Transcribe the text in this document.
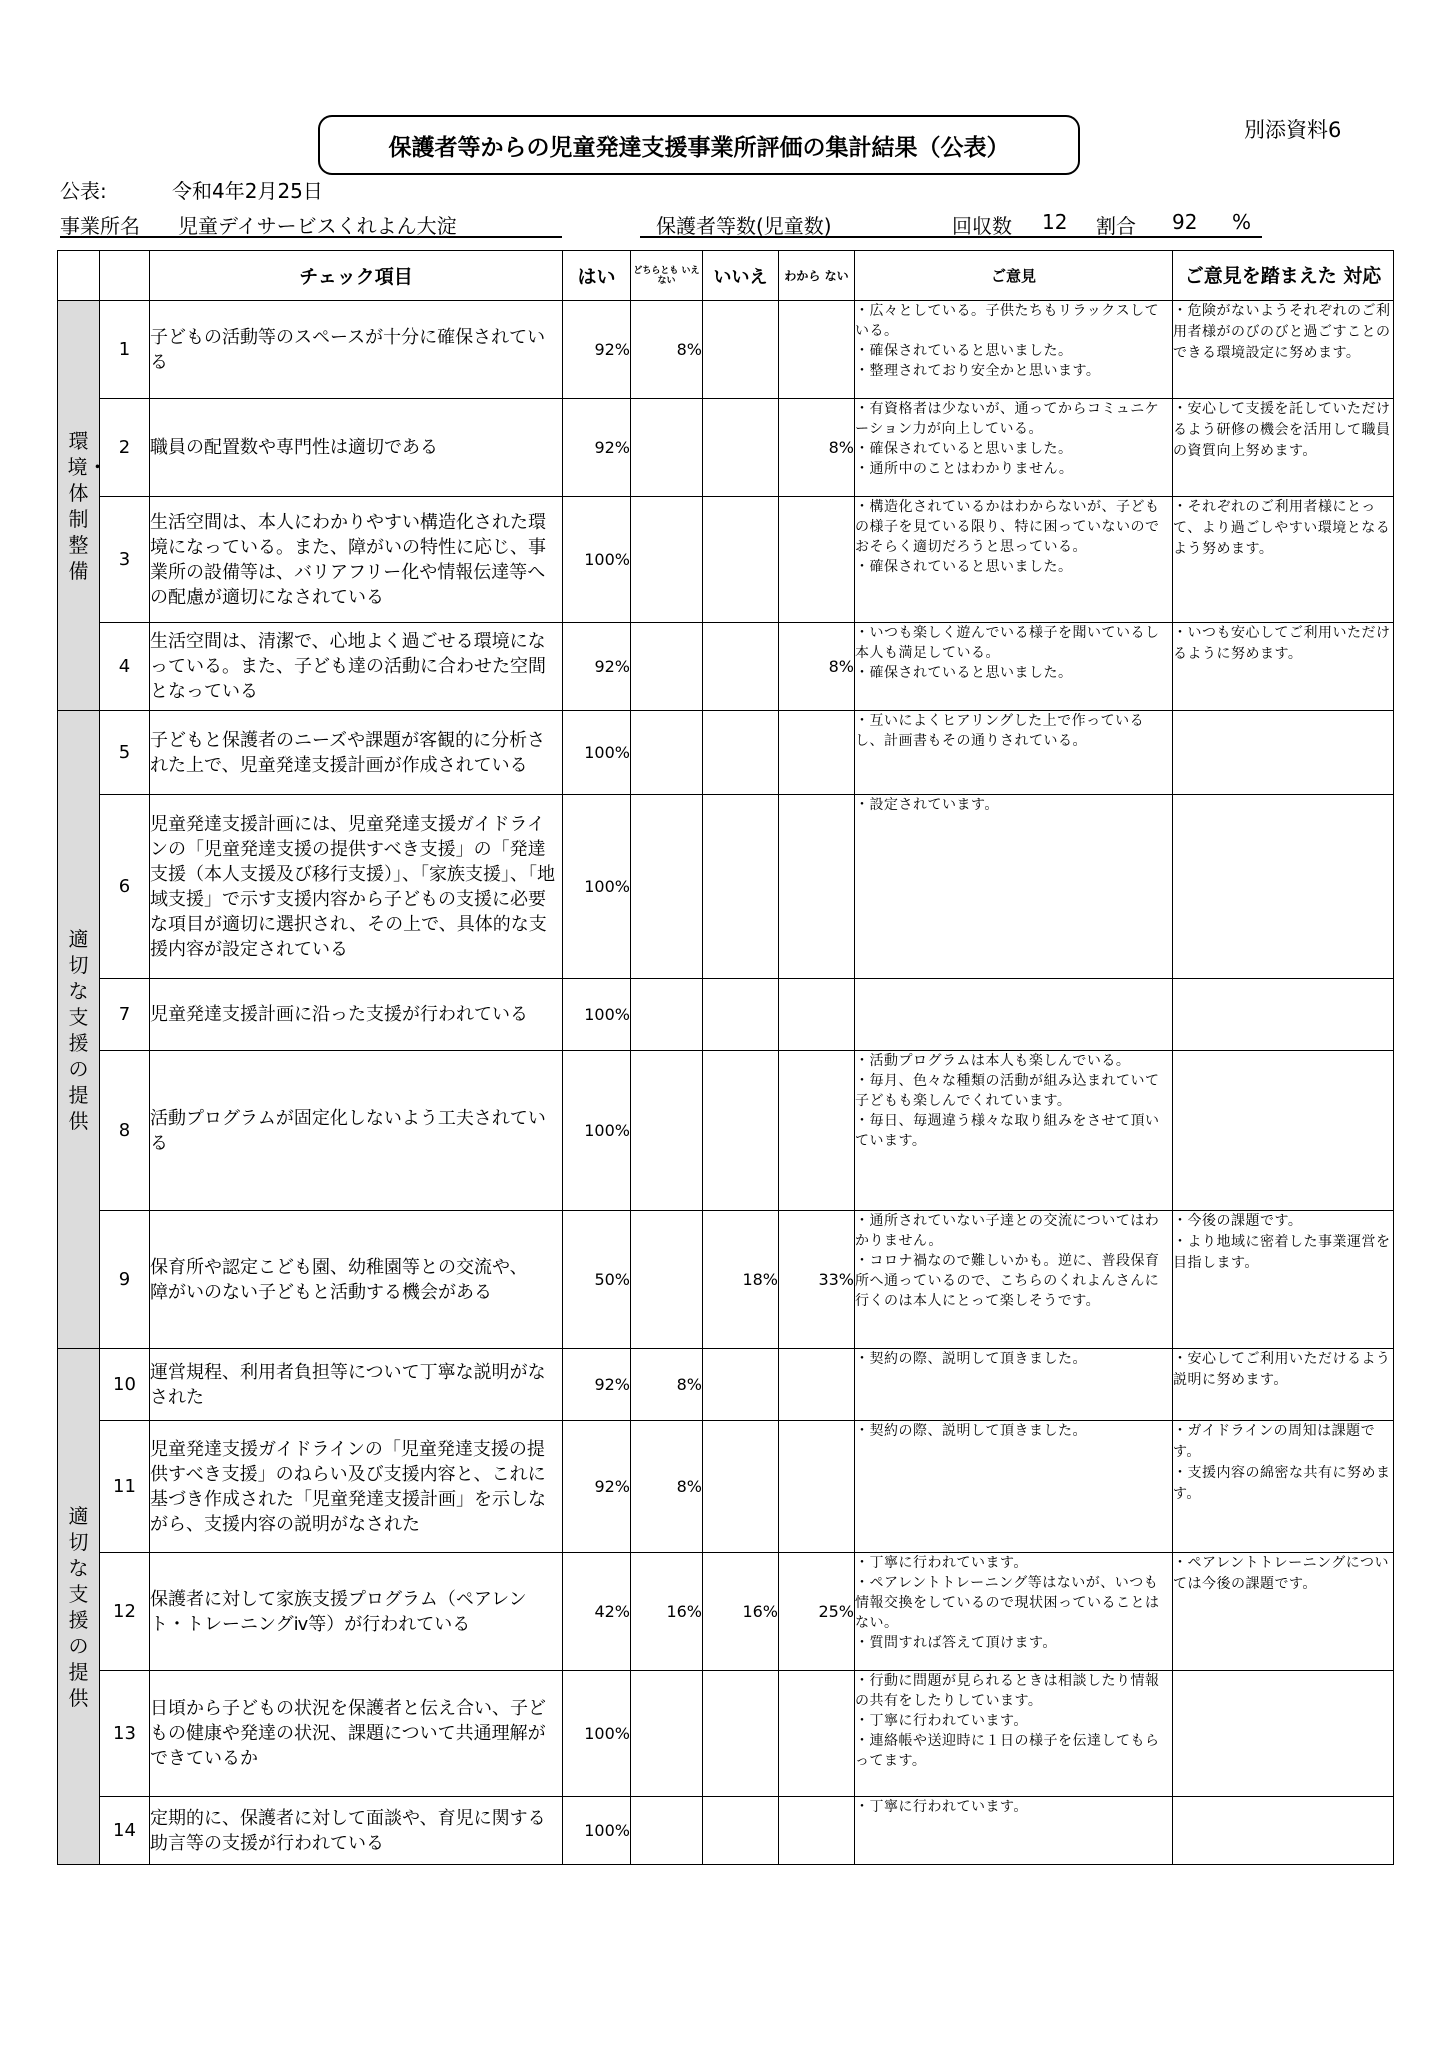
別添資料6
保護者等からの児童発達支援事業所評価の集計結果（公表）
公表:	令和4年2月25日
事業所名 児童デイサービスくれよん大淀	保護者等数(児童数)	回収数 12 割合 92 %
		チェック項目	はい	どちらとも いえない	いいえ	わから ない	ご意見	ご意見を踏まえた 対応

環境・体制整備	1	子どもの活動等のスペースが十分に確保されている	92%	8%			・広々としている。子供たちもリラックスしている。
・確保されていると思いました。
・整理されており安全かと思います。	・危険がないようそれぞれのご利用者様がのびのびと過ごすことのできる環境設定に努めます。
	2	職員の配置数や専門性は適切である	92%			8%	・有資格者は少ないが、通ってからコミュニケーション力が向上している。
・確保されていると思いました。
・通所中のことはわかりません。	・安心して支援を託していただけるよう研修の機会を活用して職員の資質向上努めます。
	3	生活空間は、本人にわかりやすい構造化された環境になっている。また、障がいの特性に応じ、事業所の設備等は、バリアフリー化や情報伝達等への配慮が適切になされている	100%				・構造化されているかはわからないが、子どもの様子を見ている限り、特に困っていないのでおそらく適切だろうと思っている。
・確保されていると思いました。	・それぞれのご利用者様にとって、より過ごしやすい環境となるよう努めます。
	4	生活空間は、清潔で、心地よく過ごせる環境になっている。また、子ども達の活動に合わせた空間となっている	92%			8%	・いつも楽しく遊んでいる様子を聞いているし本人も満足している。
・確保されていると思いました。	・いつも安心してご利用いただけるように努めます。

適切な支援の提供	5	子どもと保護者のニーズや課題が客観的に分析された上で、児童発達支援計画が作成されている	100%				・互いによくヒアリングした上で作っているし、計画書もその通りされている。	
	6	児童発達支援計画には、児童発達支援ガイドラインの「児童発達支援の提供すべき支援」の「発達支援（本人支援及び移行支援）」、「家族支援」、「地域支援」で示す支援内容から子どもの支援に必要な項目が適切に選択され、その上で、具体的な支援内容が設定されている	100%				・設定されています。	
	7	児童発達支援計画に沿った支援が行われている	100%					
	8	活動プログラムが固定化しないよう工夫されている	100%				・活動プログラムは本人も楽しんでいる。
・毎月、色々な種類の活動が組み込まれていて子どもも楽しんでくれています。
・毎日、毎週違う様々な取り組みをさせて頂いています。	
	9	保育所や認定こども園、幼稚園等との交流や、
障がいのない子どもと活動する機会がある	50%		18%	33%	・通所されていない子達との交流についてはわかりません。
・コロナ禍なので難しいかも。逆に、普段保育所へ通っているので、こちらのくれよんさんに行くのは本人にとって楽しそうです。	・今後の課題です。
・より地域に密着した事業運営を目指します。

適切な支援の提供	10	運営規程、利用者負担等について丁寧な説明がなされた	92%	8%			・契約の際、説明して頂きました。	・安心してご利用いただけるよう説明に努めます。
	11	児童発達支援ガイドラインの「児童発達支援の提供すべき支援」のねらい及び支援内容と、これに基づき作成された「児童発達支援計画」を示しながら、支援内容の説明がなされた	92%	8%			・契約の際、説明して頂きました。	・ガイドラインの周知は課題です。
・支援内容の綿密な共有に努めます。
	12	保護者に対して家族支援プログラム（ペアレント・トレーニングⅳ等）が行われている	42%	16%	16%	25%	・丁寧に行われています。
・ペアレントトレーニング等はないが、いつも情報交換をしているので現状困っていることはない。
・質問すれば答えて頂けます。	・ペアレントトレーニングについては今後の課題です。
	13	日頃から子どもの状況を保護者と伝え合い、子どもの健康や発達の状況、課題について共通理解ができているか	100%				・行動に問題が見られるときは相談したり情報の共有をしたりしています。
・丁寧に行われています。
・連絡帳や送迎時に１日の様子を伝達してもらってます。	
	14	定期的に、保護者に対して面談や、育児に関する助言等の支援が行われている	100%				・丁寧に行われています。	
